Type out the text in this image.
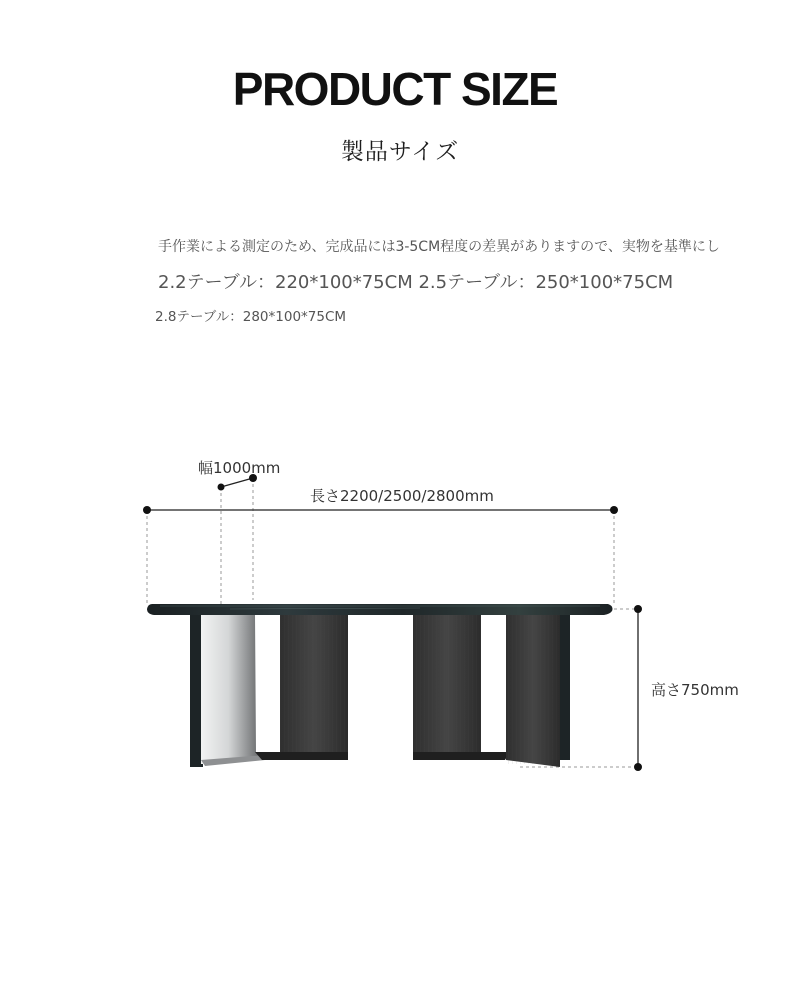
PRODUCT SIZE
製品サイズ
手作業による測定のため、完成品には3-5CM程度の差異がありますので、実物を基準にし
2.2テーブル：220*100*75CM 2.5テーブル：250*100*75CM
2.8テーブル：280*100*75CM
幅1000mm
長さ2200/2500/2800mm
高さ750mm
